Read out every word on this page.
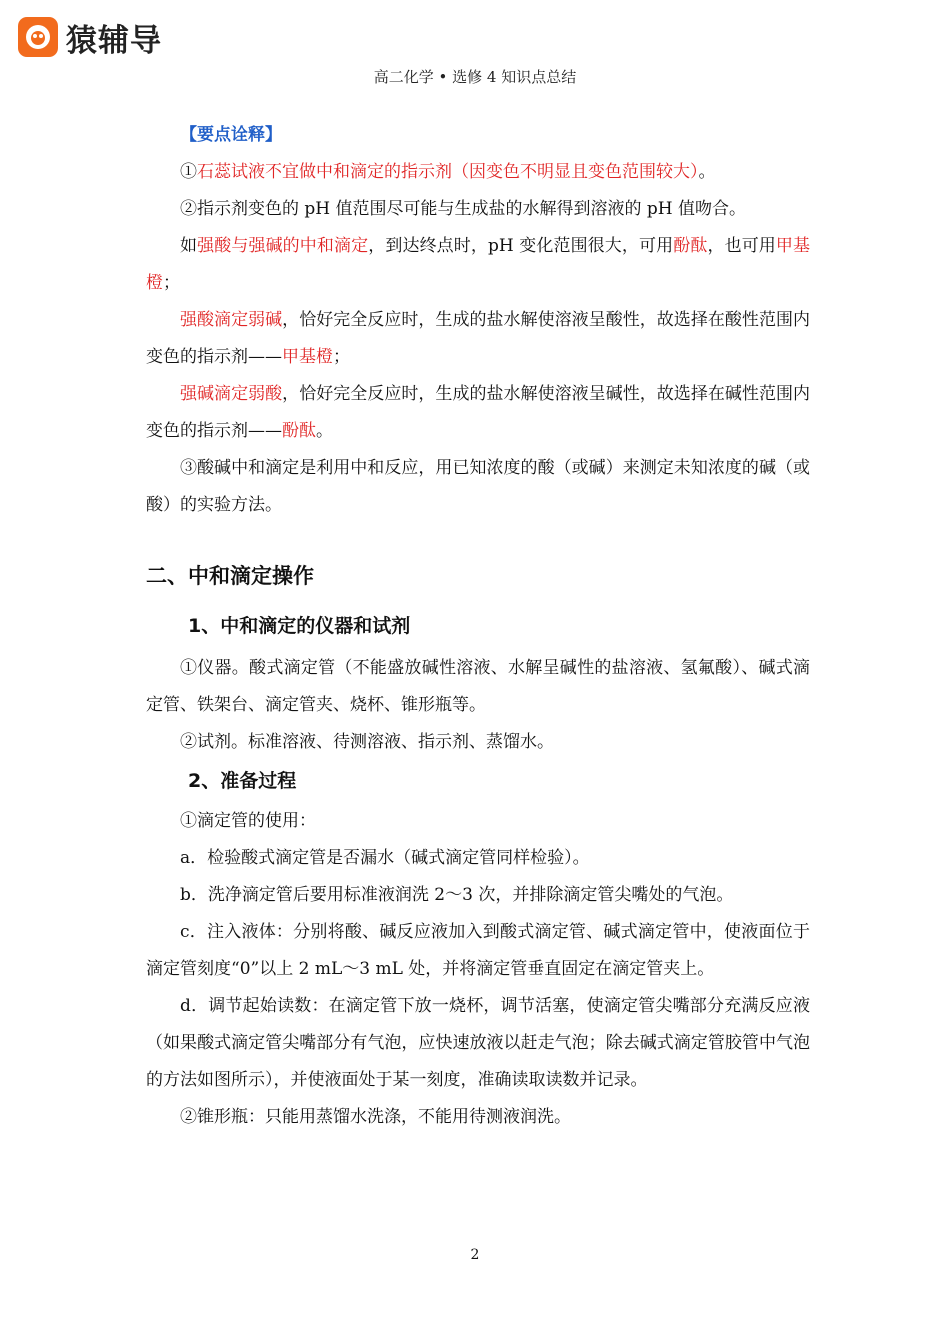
猿辅导
高二化学 • 选修 4 知识点总结

【要点诠释】

①石蕊试液不宜做中和滴定的指示剂（因变色不明显且变色范围较大）。

②指示剂变色的 pH 值范围尽可能与生成盐的水解得到溶液的 pH 值吻合。

如强酸与强碱的中和滴定，到达终点时，pH 变化范围很大，可用酚酞，也可用甲基橙；

强酸滴定弱碱，恰好完全反应时，生成的盐水解使溶液呈酸性，故选择在酸性范围内变色的指示剂——甲基橙；

强碱滴定弱酸，恰好完全反应时，生成的盐水解使溶液呈碱性，故选择在碱性范围内变色的指示剂——酚酞。

③酸碱中和滴定是利用中和反应，用已知浓度的酸（或碱）来测定未知浓度的碱（或酸）的实验方法。

二、中和滴定操作

1、中和滴定的仪器和试剂

①仪器。酸式滴定管（不能盛放碱性溶液、水解呈碱性的盐溶液、氢氟酸）、碱式滴定管、铁架台、滴定管夹、烧杯、锥形瓶等。

②试剂。标准溶液、待测溶液、指示剂、蒸馏水。

2、准备过程

①滴定管的使用：

a．检验酸式滴定管是否漏水（碱式滴定管同样检验）。

b．洗净滴定管后要用标准液润洗 2～3 次，并排除滴定管尖嘴处的气泡。

c．注入液体：分别将酸、碱反应液加入到酸式滴定管、碱式滴定管中，使液面位于滴定管刻度“0”以上 2 mL～3 mL 处，并将滴定管垂直固定在滴定管夹上。

d．调节起始读数：在滴定管下放一烧杯，调节活塞，使滴定管尖嘴部分充满反应液（如果酸式滴定管尖嘴部分有气泡，应快速放液以赶走气泡；除去碱式滴定管胶管中气泡的方法如图所示），并使液面处于某一刻度，准确读取读数并记录。

②锥形瓶：只能用蒸馏水洗涤，不能用待测液润洗。

2
